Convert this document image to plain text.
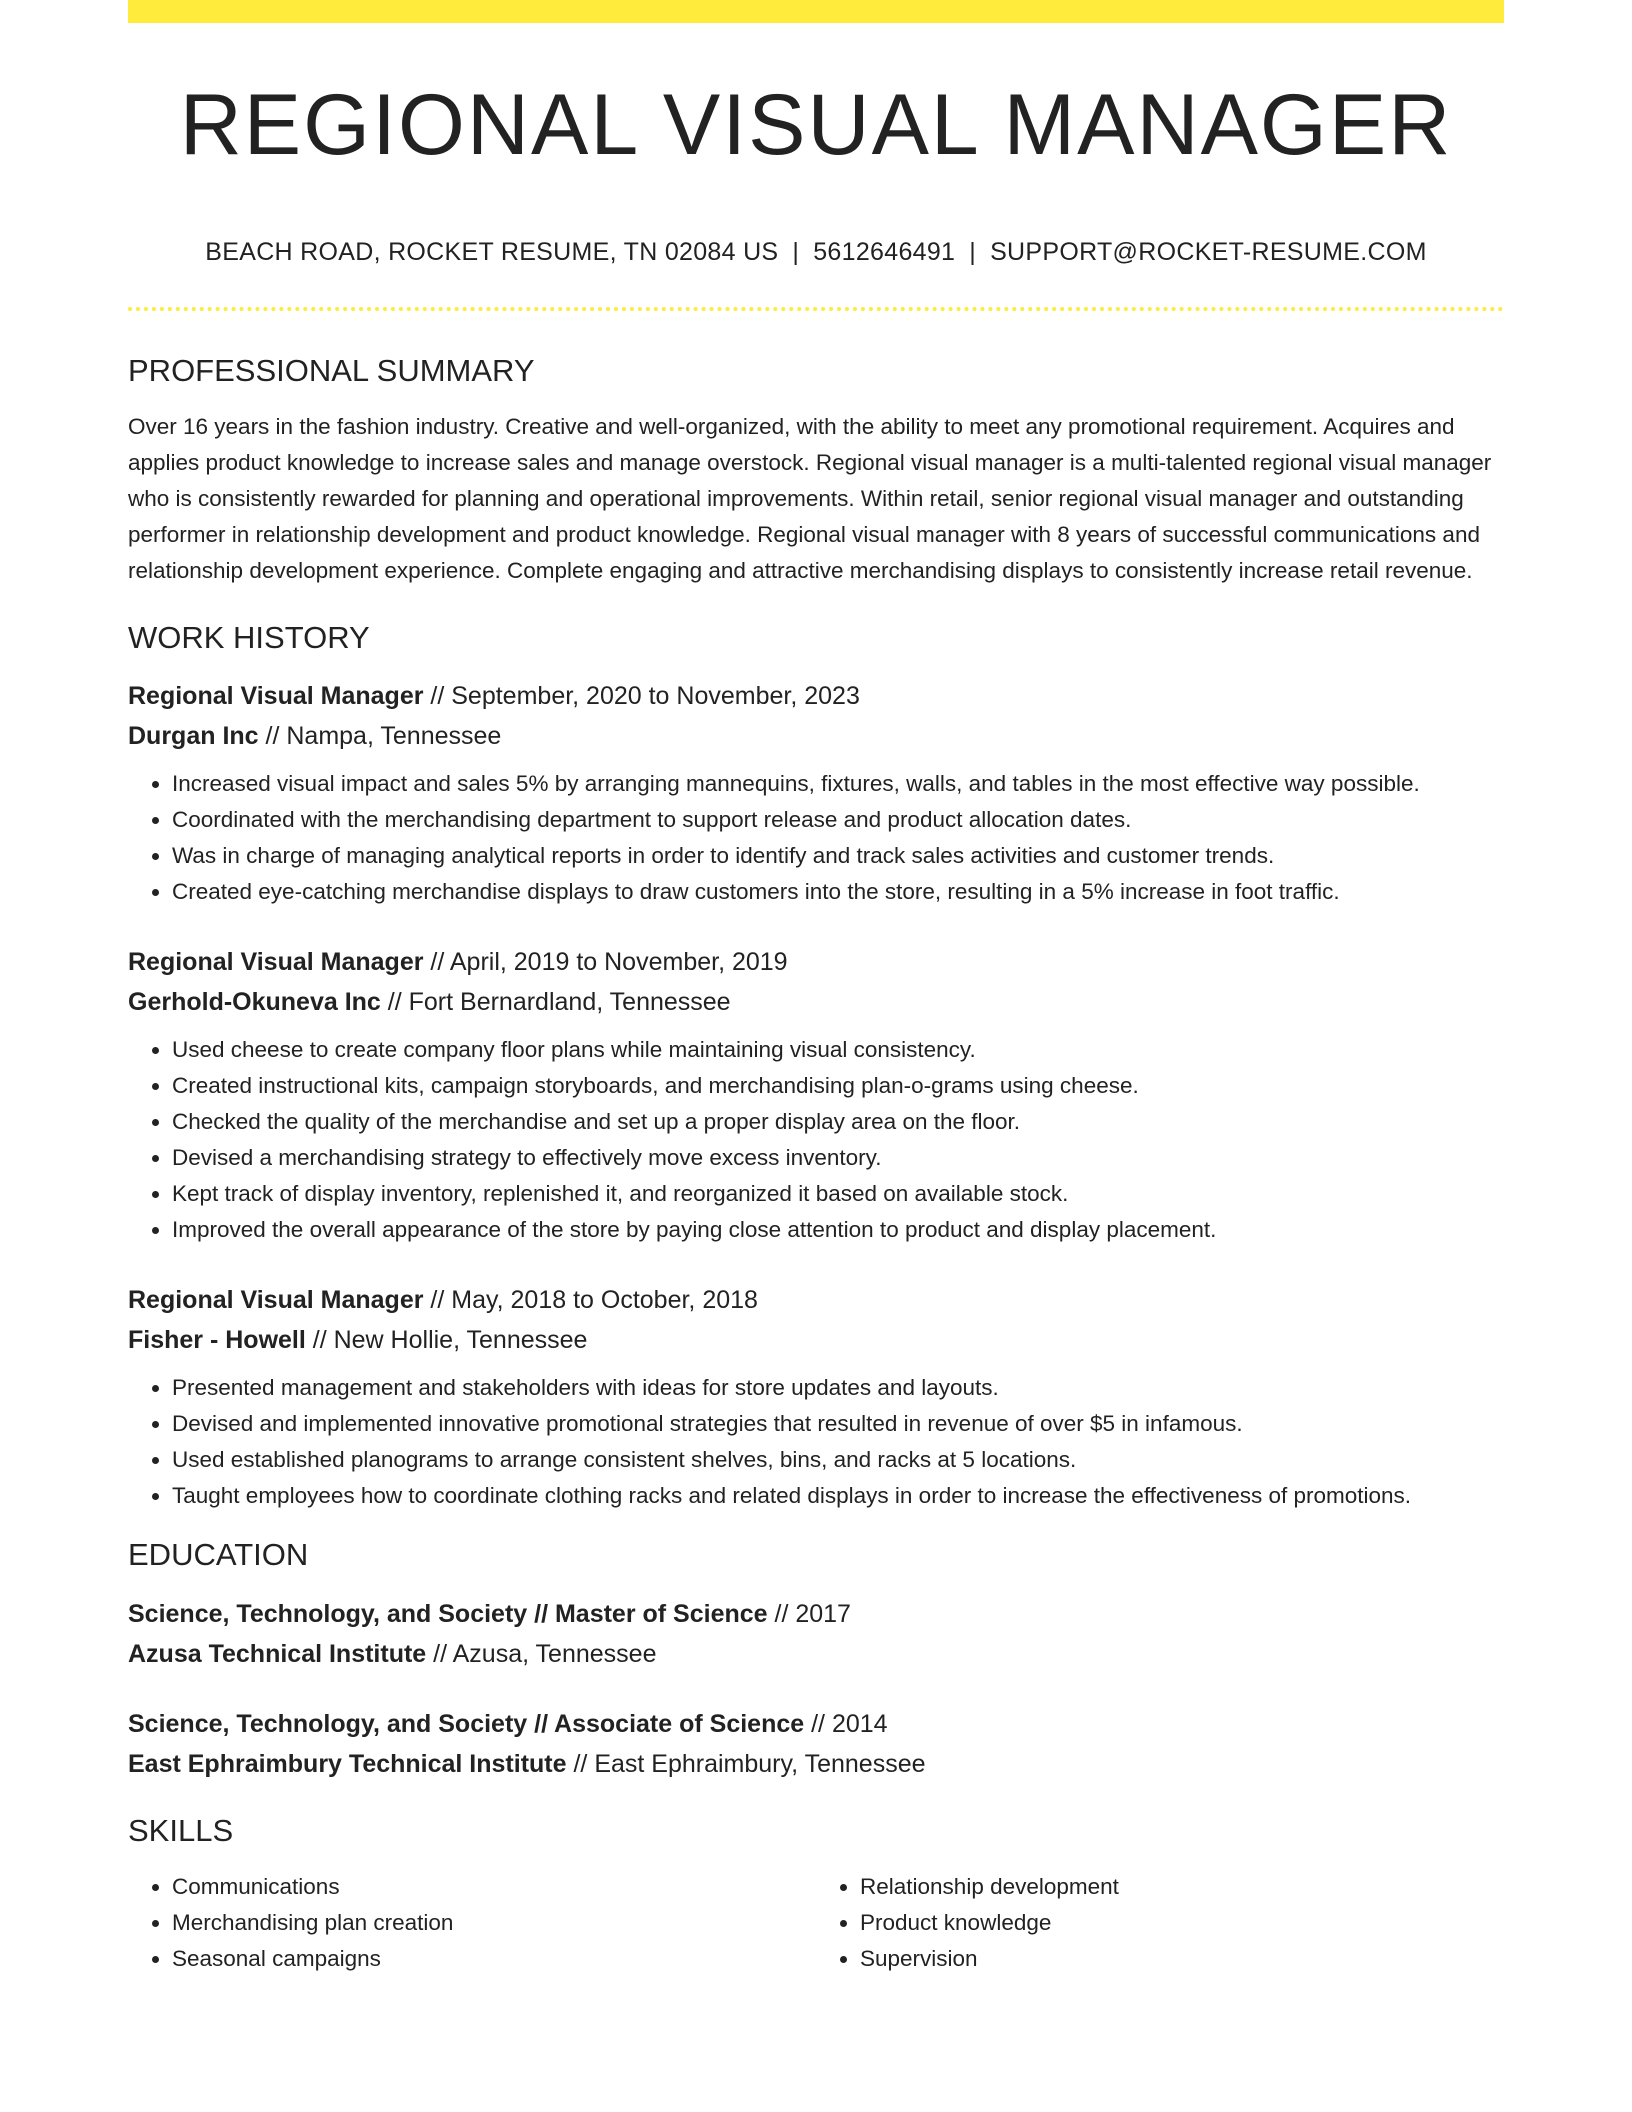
REGIONAL VISUAL MANAGER
BEACH ROAD, ROCKET RESUME, TN 02084 US | 5612646491 | SUPPORT@ROCKET-RESUME.COM
PROFESSIONAL SUMMARY

Over 16 years in the fashion industry. Creative and well-organized, with the ability to meet any promotional requirement. Acquires and applies product knowledge to increase sales and manage overstock. Regional visual manager is a multi-talented regional visual manager who is consistently rewarded for planning and operational improvements. Within retail, senior regional visual manager and outstanding performer in relationship development and product knowledge. Regional visual manager with 8 years of successful communications and relationship development experience. Complete engaging and attractive merchandising displays to consistently increase retail revenue.

WORK HISTORY
Regional Visual Manager // September, 2020 to November, 2023
Durgan Inc // Nampa, Tennessee
• Increased visual impact and sales 5% by arranging mannequins, fixtures, walls, and tables in the most effective way possible.
• Coordinated with the merchandising department to support release and product allocation dates.
• Was in charge of managing analytical reports in order to identify and track sales activities and customer trends.
• Created eye-catching merchandise displays to draw customers into the store, resulting in a 5% increase in foot traffic.
Regional Visual Manager // April, 2019 to November, 2019
Gerhold-Okuneva Inc // Fort Bernardland, Tennessee
• Used cheese to create company floor plans while maintaining visual consistency.
• Created instructional kits, campaign storyboards, and merchandising plan-o-grams using cheese.
• Checked the quality of the merchandise and set up a proper display area on the floor.
• Devised a merchandising strategy to effectively move excess inventory.
• Kept track of display inventory, replenished it, and reorganized it based on available stock.
• Improved the overall appearance of the store by paying close attention to product and display placement.
Regional Visual Manager // May, 2018 to October, 2018
Fisher - Howell // New Hollie, Tennessee
• Presented management and stakeholders with ideas for store updates and layouts.
• Devised and implemented innovative promotional strategies that resulted in revenue of over $5 in infamous.
• Used established planograms to arrange consistent shelves, bins, and racks at 5 locations.
• Taught employees how to coordinate clothing racks and related displays in order to increase the effectiveness of promotions.
EDUCATION
Science, Technology, and Society // Master of Science // 2017
Azusa Technical Institute // Azusa, Tennessee
Science, Technology, and Society // Associate of Science // 2014
East Ephraimbury Technical Institute // East Ephraimbury, Tennessee
SKILLS
• Communications
• Merchandising plan creation
• Seasonal campaigns
• Relationship development
• Product knowledge
• Supervision
